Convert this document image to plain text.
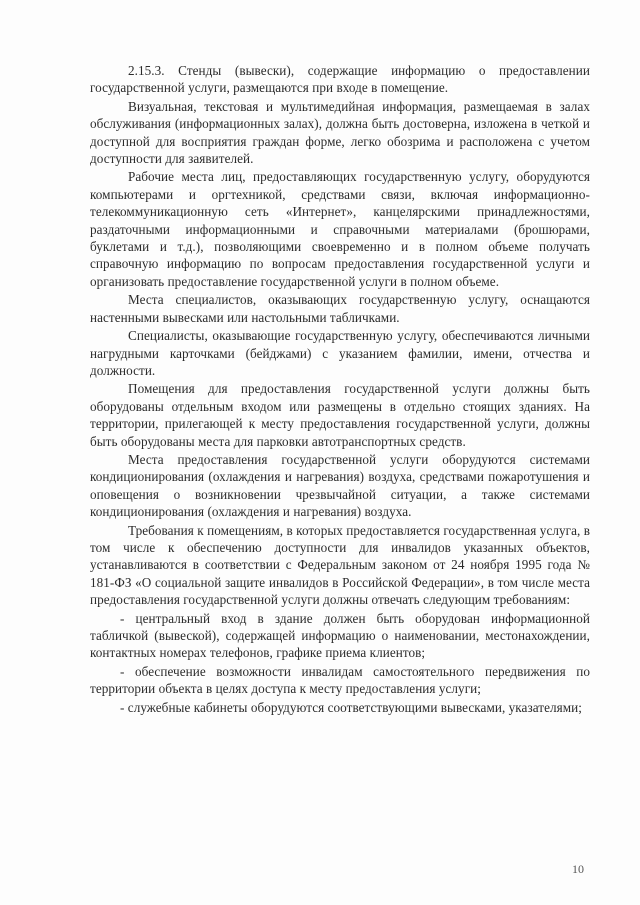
2.15.3. Стенды (вывески), содержащие информацию о предоставлении государственной услуги, размещаются при входе в помещение.

Визуальная, текстовая и мультимедийная информация, размещаемая в залах обслуживания (информационных залах), должна быть достоверна, изложена в четкой и доступной для восприятия граждан форме, легко обозрима и расположена с учетом доступности для заявителей.

Рабочие места лиц, предоставляющих государственную услугу, оборудуются компьютерами и оргтехникой, средствами связи, включая информационно-телекоммуникационную сеть «Интернет», канцелярскими принадлежностями, раздаточными информационными и справочными материалами (брошюрами, буклетами и т.д.), позволяющими своевременно и в полном объеме получать справочную информацию по вопросам предоставления государственной услуги и организовать предоставление государственной услуги в полном объеме.

Места специалистов, оказывающих государственную услугу, оснащаются настенными вывесками или настольными табличками.

Специалисты, оказывающие государственную услугу, обеспечиваются личными нагрудными карточками (бейджами) с указанием фамилии, имени, отчества и должности.

Помещения для предоставления государственной услуги должны быть оборудованы отдельным входом или размещены в отдельно стоящих зданиях. На территории, прилегающей к месту предоставления государственной услуги, должны быть оборудованы места для парковки автотранспортных средств.

Места предоставления государственной услуги оборудуются системами кондиционирования (охлаждения и нагревания) воздуха, средствами пожаротушения и оповещения о возникновении чрезвычайной ситуации, а также системами кондиционирования (охлаждения и нагревания) воздуха.

Требования к помещениям, в которых предоставляется государственная услуга, в том числе к обеспечению доступности для инвалидов указанных объектов, устанавливаются в соответствии с Федеральным законом от 24 ноября 1995 года № 181-ФЗ «О социальной защите инвалидов в Российской Федерации», в том числе места предоставления государственной услуги должны отвечать следующим требованиям:

- центральный вход в здание должен быть оборудован информационной табличкой (вывеской), содержащей информацию о наименовании, местонахождении, контактных номерах телефонов, графике приема клиентов;

- обеспечение возможности инвалидам самостоятельного передвижения по территории объекта в целях доступа к месту предоставления услуги;

- служебные кабинеты оборудуются соответствующими вывесками, указателями;

10
